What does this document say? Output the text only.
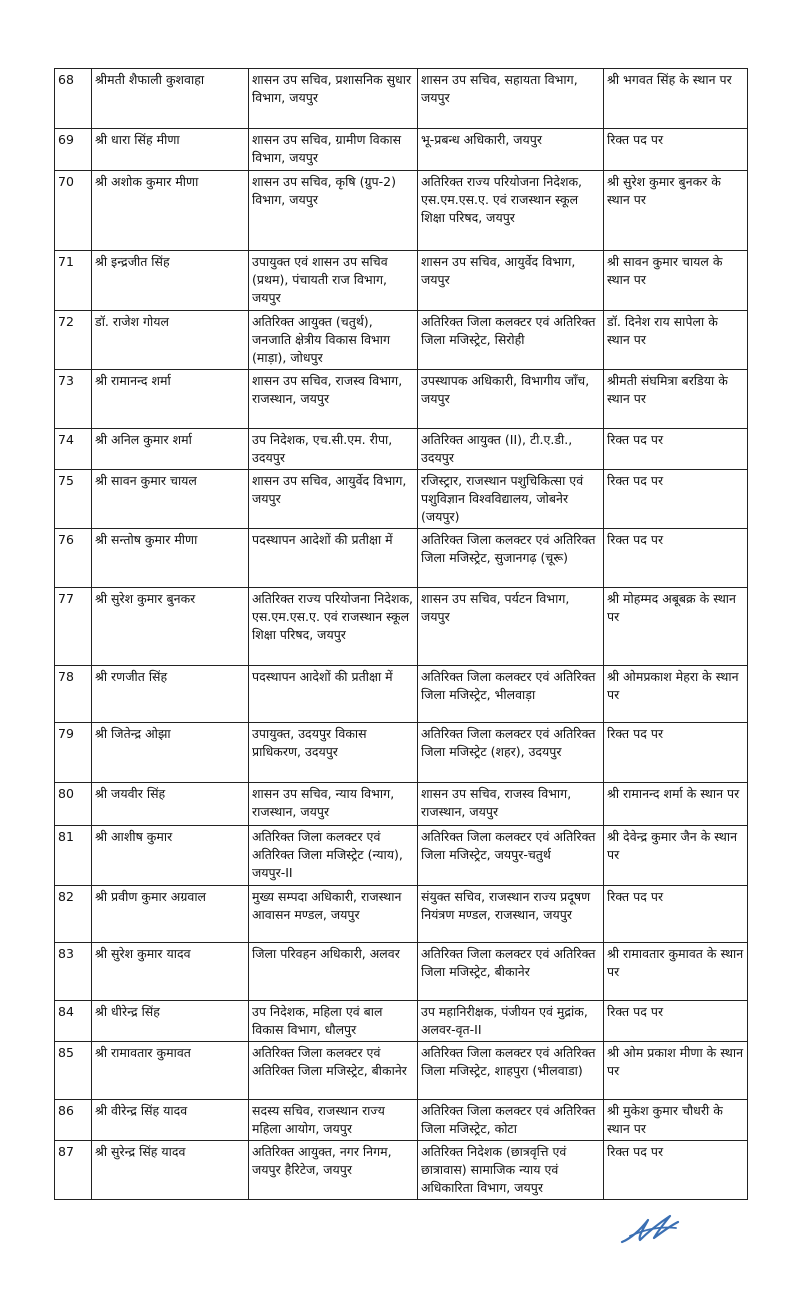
68	श्रीमती शैफाली कुशवाहा	शासन उप सचिव, प्रशासनिक सुधार विभाग, जयपुर	शासन उप सचिव, सहायता विभाग, जयपुर	श्री भगवत सिंह के स्थान पर
69	श्री धारा सिंह मीणा	शासन उप सचिव, ग्रामीण विकास विभाग, जयपुर	भू-प्रबन्ध अधिकारी, जयपुर	रिक्त पद पर
70	श्री अशोक कुमार मीणा	शासन उप सचिव, कृषि (ग्रुप-2) विभाग, जयपुर	अतिरिक्त राज्य परियोजना निदेशक, एस.एम.एस.ए. एवं राजस्थान स्कूल शिक्षा परिषद, जयपुर	श्री सुरेश कुमार बुनकर के स्थान पर
71	श्री इन्द्रजीत सिंह	उपायुक्त एवं शासन उप सचिव (प्रथम), पंचायती राज विभाग, जयपुर	शासन उप सचिव, आयुर्वेद विभाग, जयपुर	श्री सावन कुमार चायल के स्थान पर
72	डॉ. राजेश गोयल	अतिरिक्त आयुक्त (चतुर्थ), जनजाति क्षेत्रीय विकास विभाग (माड़ा), जोधपुर	अतिरिक्त जिला कलक्टर एवं अतिरिक्त जिला मजिस्ट्रेट, सिरोही	डॉ. दिनेश राय सापेला के स्थान पर
73	श्री रामानन्द शर्मा	शासन उप सचिव, राजस्व विभाग, राजस्थान, जयपुर	उपस्थापक अधिकारी, विभागीय जाँच, जयपुर	श्रीमती संघमित्रा बरडिया के स्थान पर
74	श्री अनिल कुमार शर्मा	उप निदेशक, एच.सी.एम. रीपा, उदयपुर	अतिरिक्त आयुक्त (II), टी.ए.डी., उदयपुर	रिक्त पद पर
75	श्री सावन कुमार चायल	शासन उप सचिव, आयुर्वेद विभाग, जयपुर	रजिस्ट्रार, राजस्थान पशुचिकित्सा एवं पशुविज्ञान विश्वविद्यालय, जोबनेर (जयपुर)	रिक्त पद पर
76	श्री सन्तोष कुमार मीणा	पदस्थापन आदेशों की प्रतीक्षा में	अतिरिक्त जिला कलक्टर एवं अतिरिक्त जिला मजिस्ट्रेट, सुजानगढ़ (चूरू)	रिक्त पद पर
77	श्री सुरेश कुमार बुनकर	अतिरिक्त राज्य परियोजना निदेशक, एस.एम.एस.ए. एवं राजस्थान स्कूल शिक्षा परिषद, जयपुर	शासन उप सचिव, पर्यटन विभाग, जयपुर	श्री मोहम्मद अबूबक्र के स्थान पर
78	श्री रणजीत सिंह	पदस्थापन आदेशों की प्रतीक्षा में	अतिरिक्त जिला कलक्टर एवं अतिरिक्त जिला मजिस्ट्रेट, भीलवाड़ा	श्री ओमप्रकाश मेहरा के स्थान पर
79	श्री जितेन्द्र ओझा	उपायुक्त, उदयपुर विकास प्राधिकरण, उदयपुर	अतिरिक्त जिला कलक्टर एवं अतिरिक्त जिला मजिस्ट्रेट (शहर), उदयपुर	रिक्त पद पर
80	श्री जयवीर सिंह	शासन उप सचिव, न्याय विभाग, राजस्थान, जयपुर	शासन उप सचिव, राजस्व विभाग, राजस्थान, जयपुर	श्री रामानन्द शर्मा के स्थान पर
81	श्री आशीष कुमार	अतिरिक्त जिला कलक्टर एवं अतिरिक्त जिला मजिस्ट्रेट (न्याय), जयपुर-II	अतिरिक्त जिला कलक्टर एवं अतिरिक्त जिला मजिस्ट्रेट, जयपुर-चतुर्थ	श्री देवेन्द्र कुमार जैन के स्थान पर
82	श्री प्रवीण कुमार अग्रवाल	मुख्य सम्पदा अधिकारी, राजस्थान आवासन मण्डल, जयपुर	संयुक्त सचिव, राजस्थान राज्य प्रदूषण नियंत्रण मण्डल, राजस्थान, जयपुर	रिक्त पद पर
83	श्री सुरेश कुमार यादव	जिला परिवहन अधिकारी, अलवर	अतिरिक्त जिला कलक्टर एवं अतिरिक्त जिला मजिस्ट्रेट, बीकानेर	श्री रामावतार कुमावत के स्थान पर
84	श्री धीरेन्द्र सिंह	उप निदेशक, महिला एवं बाल विकास विभाग, धौलपुर	उप महानिरीक्षक, पंजीयन एवं मुद्रांक, अलवर-वृत-II	रिक्त पद पर
85	श्री रामावतार कुमावत	अतिरिक्त जिला कलक्टर एवं अतिरिक्त जिला मजिस्ट्रेट, बीकानेर	अतिरिक्त जिला कलक्टर एवं अतिरिक्त जिला मजिस्ट्रेट, शाहपुरा (भीलवाडा)	श्री ओम प्रकाश मीणा के स्थान पर
86	श्री वीरेन्द्र सिंह यादव	सदस्य सचिव, राजस्थान राज्य महिला आयोग, जयपुर	अतिरिक्त जिला कलक्टर एवं अतिरिक्त जिला मजिस्ट्रेट, कोटा	श्री मुकेश कुमार चौधरी के स्थान पर
87	श्री सुरेन्द्र सिंह यादव	अतिरिक्त आयुक्त, नगर निगम, जयपुर हैरिटेज, जयपुर	अतिरिक्त निदेशक (छात्रवृत्ति एवं छात्रावास) सामाजिक न्याय एवं अधिकारिता विभाग, जयपुर	रिक्त पद पर
